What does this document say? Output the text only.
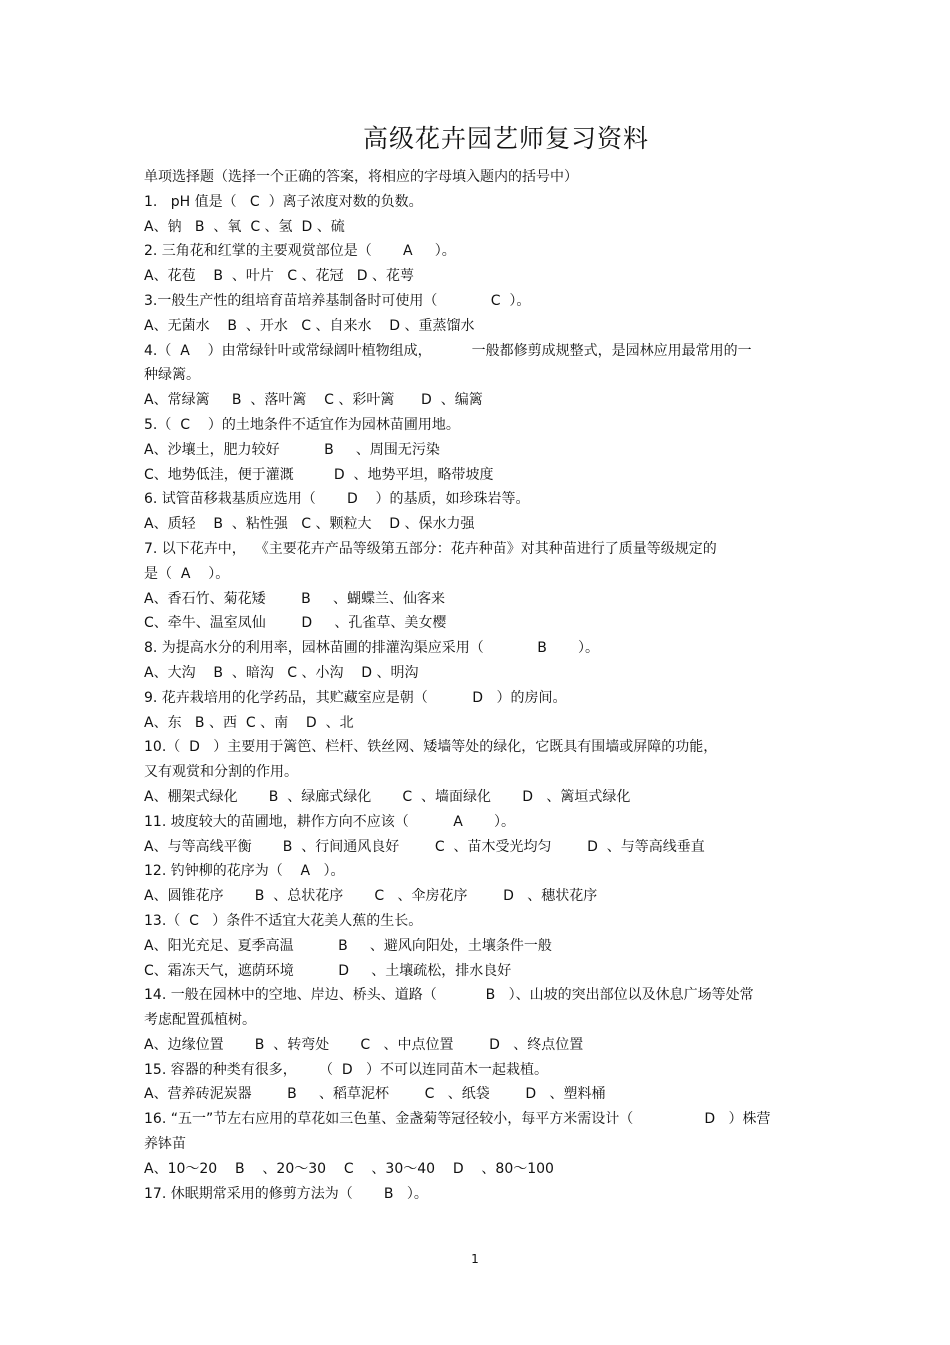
高级花卉园艺师复习资料
单项选择题（选择一个正确的答案，将相应的字母填入题内的括号中）
1.   pH 值是（   C  ）离子浓度对数的负数。
A、钠   B  、氧  C 、氢  D 、硫
2. 三角花和红掌的主要观赏部位是（       A     ）。
A、花苞    B  、叶片   C 、花冠   D 、花萼
3.一般生产性的组培育苗培养基制备时可使用（            C  ）。
A、无菌水    B  、开水   C 、自来水    D 、重蒸馏水
4.（  A    ）由常绿针叶或常绿阔叶植物组成，         一般都修剪成规整式，是园林应用最常用的一
种绿篱。
A、常绿篱     B  、落叶篱    C 、彩叶篱      D  、编篱
5.（  C    ）的土地条件不适宜作为园林苗圃用地。
A、沙壤土，肥力较好          B     、周围无污染
C、地势低洼，便于灌溉         D  、地势平坦，略带坡度
6. 试管苗移栽基质应选用（       D    ）的基质，如珍珠岩等。
A、质轻    B  、粘性强   C 、颗粒大    D 、保水力强
7. 以下花卉中，  《主要花卉产品等级第五部分：花卉种苗》对其种苗进行了质量等级规定的
是（  A    ）。
A、香石竹、菊花矮        B     、蝴蝶兰、仙客来
C、牵牛、温室凤仙        D     、孔雀草、美女樱
8. 为提高水分的利用率，园林苗圃的排灌沟渠应采用（            B       ）。
A、大沟    B  、暗沟   C 、小沟    D 、明沟
9. 花卉栽培用的化学药品，其贮藏室应是朝（          D   ）的房间。
A、东   B 、西  C 、南    D  、北
10.（  D   ）主要用于篱笆、栏杆、铁丝网、矮墙等处的绿化，它既具有围墙或屏障的功能，
又有观赏和分割的作用。
A、棚架式绿化       B  、绿廊式绿化       C  、墙面绿化       D   、篱垣式绿化
11. 坡度较大的苗圃地，耕作方向不应该（          A       ）。
A、与等高线平衡       B  、行间通风良好        C  、苗木受光均匀        D  、与等高线垂直
12. 钓钟柳的花序为（    A   ）。
A、圆锥花序       B  、总状花序       C   、伞房花序        D   、穗状花序
13.（  C   ）条件不适宜大花美人蕉的生长。
A、阳光充足、夏季高温          B     、避风向阳处，土壤条件一般
C、霜冻天气，遮荫环境          D     、土壤疏松，排水良好
14. 一般在园林中的空地、岸边、桥头、道路（           B   ）、山坡的突出部位以及休息广场等处常
考虑配置孤植树。
A、边缘位置       B  、转弯处       C   、中点位置        D   、终点位置
15. 容器的种类有很多，     （  D   ）不可以连同苗木一起栽植。
A、营养砖泥炭器        B     、稻草泥杯        C   、纸袋        D   、塑料桶
16. “五一”节左右应用的草花如三色堇、金盏菊等冠径较小，每平方米需设计（                D   ）株营
养钵苗
A、10～20    B    、20～30    C    、30～40    D    、80～100
17. 休眠期常采用的修剪方法为（       B   ）。
1
